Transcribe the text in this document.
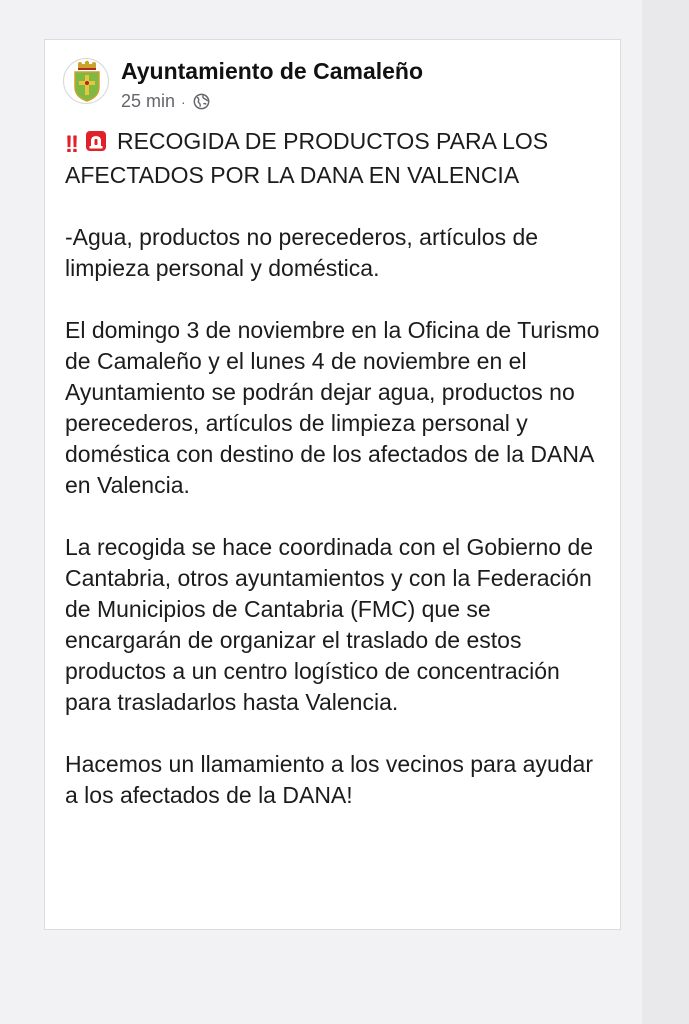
Ayuntamiento de Camaleño
25 min ·

!! RECOGIDA DE PRODUCTOS PARA LOS AFECTADOS POR LA DANA EN VALENCIA

-Agua, productos no perecederos, artículos de limpieza personal y doméstica.

El domingo 3 de noviembre en la Oficina de Turismo de Camaleño y el lunes 4 de noviembre en el Ayuntamiento se podrán dejar agua, productos no perecederos, artículos de limpieza personal y doméstica con destino de los afectados de la DANA en Valencia.

La recogida se hace coordinada con el Gobierno de Cantabria, otros ayuntamientos y con la Federación de Municipios de Cantabria (FMC) que se encargarán de organizar el traslado de estos productos a un centro logístico de concentración para trasladarlos hasta Valencia.

Hacemos un llamamiento a los vecinos para ayudar a los afectados de la DANA!
